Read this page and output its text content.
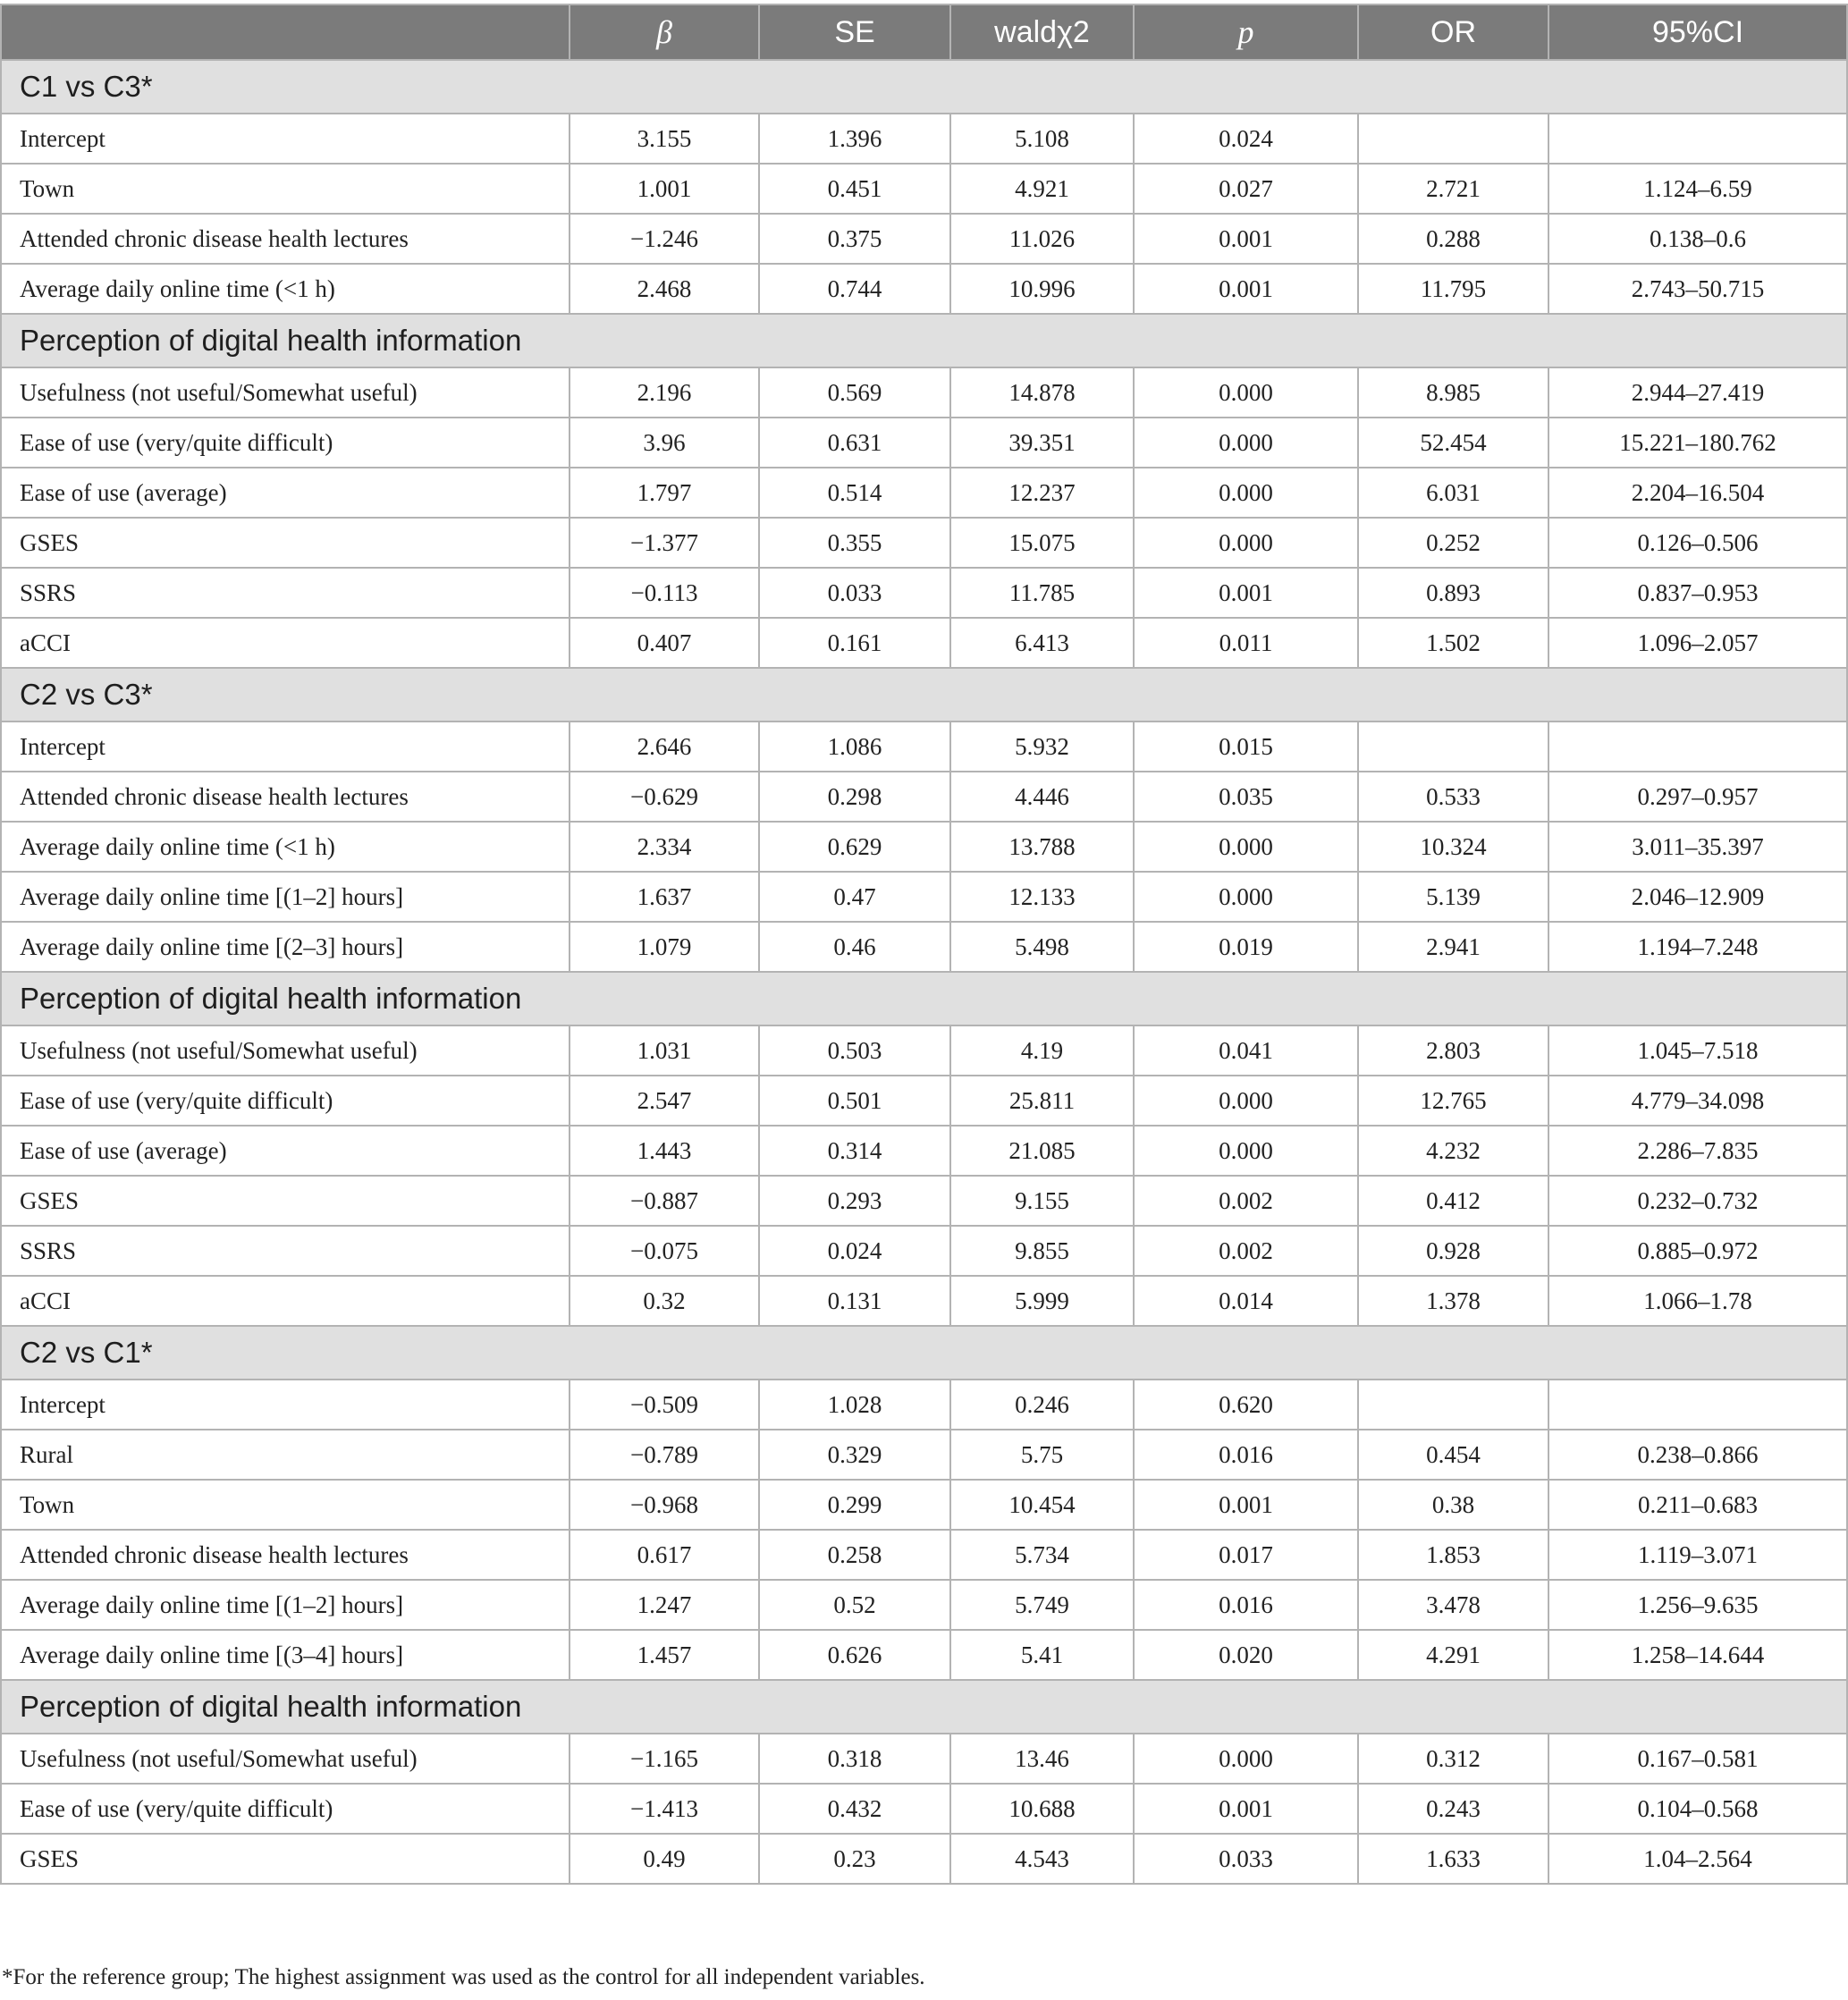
	β	SE	waldχ2	p	OR	95%CI
C1 vs C3*						
Intercept	3.155	1.396	5.108	0.024		
Town	1.001	0.451	4.921	0.027	2.721	1.124–6.59
Attended chronic disease health lectures	−1.246	0.375	11.026	0.001	0.288	0.138–0.6
Average daily online time (<1 h)	2.468	0.744	10.996	0.001	11.795	2.743–50.715
Perception of digital health information						
Usefulness (not useful/Somewhat useful)	2.196	0.569	14.878	0.000	8.985	2.944–27.419
Ease of use (very/quite difficult)	3.96	0.631	39.351	0.000	52.454	15.221–180.762
Ease of use (average)	1.797	0.514	12.237	0.000	6.031	2.204–16.504
GSES	−1.377	0.355	15.075	0.000	0.252	0.126–0.506
SSRS	−0.113	0.033	11.785	0.001	0.893	0.837–0.953
aCCI	0.407	0.161	6.413	0.011	1.502	1.096–2.057
C2 vs C3*						
Intercept	2.646	1.086	5.932	0.015		
Attended chronic disease health lectures	−0.629	0.298	4.446	0.035	0.533	0.297–0.957
Average daily online time (<1 h)	2.334	0.629	13.788	0.000	10.324	3.011–35.397
Average daily online time [(1–2] hours]	1.637	0.47	12.133	0.000	5.139	2.046–12.909
Average daily online time [(2–3] hours]	1.079	0.46	5.498	0.019	2.941	1.194–7.248
Perception of digital health information						
Usefulness (not useful/Somewhat useful)	1.031	0.503	4.19	0.041	2.803	1.045–7.518
Ease of use (very/quite difficult)	2.547	0.501	25.811	0.000	12.765	4.779–34.098
Ease of use (average)	1.443	0.314	21.085	0.000	4.232	2.286–7.835
GSES	−0.887	0.293	9.155	0.002	0.412	0.232–0.732
SSRS	−0.075	0.024	9.855	0.002	0.928	0.885–0.972
aCCI	0.32	0.131	5.999	0.014	1.378	1.066–1.78
C2 vs C1*						
Intercept	−0.509	1.028	0.246	0.620		
Rural	−0.789	0.329	5.75	0.016	0.454	0.238–0.866
Town	−0.968	0.299	10.454	0.001	0.38	0.211–0.683
Attended chronic disease health lectures	0.617	0.258	5.734	0.017	1.853	1.119–3.071
Average daily online time [(1–2] hours]	1.247	0.52	5.749	0.016	3.478	1.256–9.635
Average daily online time [(3–4] hours]	1.457	0.626	5.41	0.020	4.291	1.258–14.644
Perception of digital health information						
Usefulness (not useful/Somewhat useful)	−1.165	0.318	13.46	0.000	0.312	0.167–0.581
Ease of use (very/quite difficult)	−1.413	0.432	10.688	0.001	0.243	0.104–0.568
GSES	0.49	0.23	4.543	0.033	1.633	1.04–2.564
*For the reference group; The highest assignment was used as the control for all independent variables.
